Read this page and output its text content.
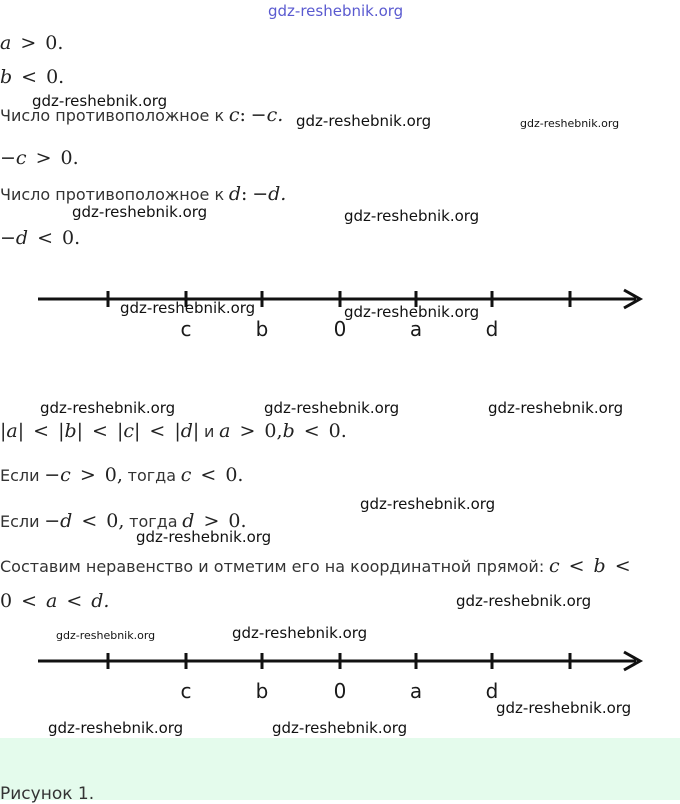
gdz-reshebnik.org
a > 0.
b < 0.
gdz-reshebnik.org
Число противоположное к c: −c. gdz-reshebnik.org	gdz-reshebnik.org
−c > 0.
Число противоположное к d: −d.
gdz-reshebnik.org	gdz-reshebnik.org
−d < 0.
c	b	0	a	d
gdz-reshebnik.org	gdz-reshebnik.org
gdz-reshebnik.org	gdz-reshebnik.org	gdz-reshebnik.org
|a| < |b| < |c| < |d| и a > 0,b < 0.
Если −c > 0, тогда c < 0.
gdz-reshebnik.org
Если −d < 0, тогда d > 0.
gdz-reshebnik.org
Составим неравенство и отметим его на координатной прямой: c < b <
0 < a < d.	gdz-reshebnik.org
gdz-reshebnik.org	gdz-reshebnik.org
c	b	0	a	d
gdz-reshebnik.org
gdz-reshebnik.org	gdz-reshebnik.org
Рисунок 1.
